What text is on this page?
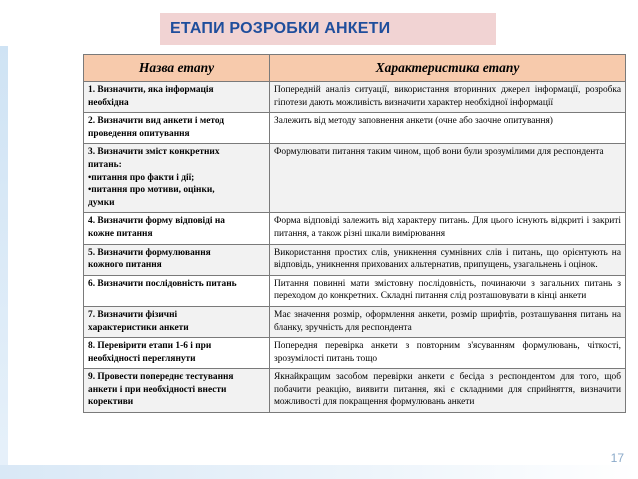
ЕТАПИ РОЗРОБКИ АНКЕТИ
Назва етапу	Характеристика етапу

1. Визначити, яка інформація
необхідна	Попередній аналіз ситуації, використання вторинних джерел інформації, розробка гіпотези дають можливість визначити характер необхідної інформації

2. Визначити вид анкети і метод
проведення опитування	Залежить від методу заповнення анкети (очне або заочне опитування)

3. Визначити зміст конкретних
питань:
•питання про факти і дії;
•питання про мотиви, оцінки,
думки	Формулювати питання таким чином, щоб вони були зрозумілими для респондента

4. Визначити форму відповіді на
кожне питання	Форма відповіді залежить від характеру питань. Для цього існують відкриті і закриті питання, а також різні шкали вимірювання

5. Визначити формулювання
кожного питання	Використання простих слів, уникнення сумнівних слів і питань, що орієнтують на відповідь, уникнення прихованих альтернатив, припущень, узагальнень і оцінок.

6. Визначити послідовність питань	Питання повинні мати змістовну послідовність, починаючи з загальних питань з переходом до конкретних. Складні питання слід розташовувати в кінці анкети

7. Визначити фізичні
характеристики анкети	Має значення розмір, оформлення анкети, розмір шрифтів, розташування питань на бланку, зручність для респондента

8. Перевірити етапи 1-6 і при
необхідності переглянути	Попередня перевірка анкети з повторним з'ясуванням формулювань, чіткості, зрозумілості питань тощо

9. Провести попереднє тестування
анкети і при необхідності внести
корективи	Якнайкращим засобом перевірки анкети є бесіда з респондентом для того, щоб побачити реакцію, виявити питання, які є складними для сприйняття, визначити можливості для покращення формулювань анкети
17
